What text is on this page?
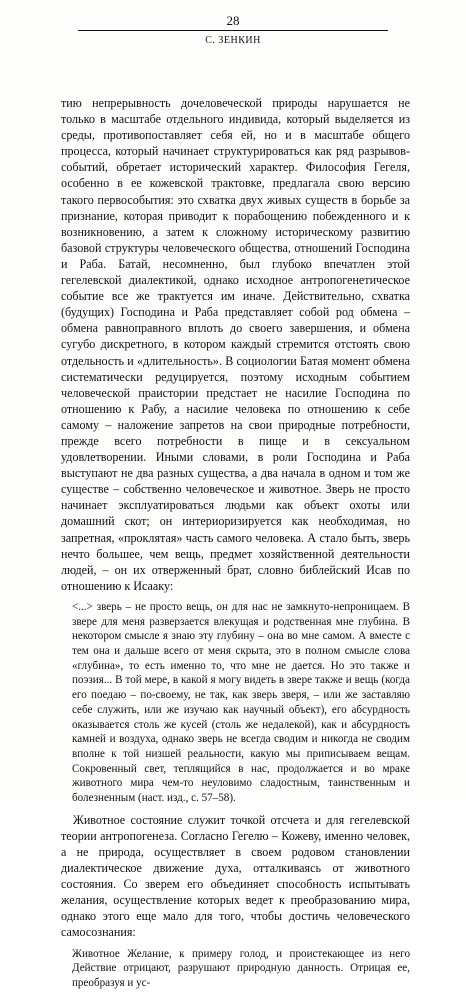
28
С. ЗЕНКИН

тию непрерывность дочеловеческой природы нарушается не только в масштабе отдельного индивида, который выделяется из среды, противопоставляет себя ей, но и в масштабе общего процесса, который начинает структурироваться как ряд разрывов-событий, обретает исторический характер. Философия Гегеля, особенно в ее кожевской трактовке, предлагала свою версию такого первособытия: это схватка двух живых существ в борьбе за признание, которая приводит к порабощению побежденного и к возникновению, а затем к сложному историческому развитию базовой структуры человеческого общества, отношений Господина и Раба. Батай, несомненно, был глубоко впечатлен этой гегелевской диалектикой, однако исходное антропогенетическое событие все же трактуется им иначе. Действительно, схватка (будущих) Господина и Раба представляет собой род обмена – обмена равноправного вплоть до своего завершения, и обмена сугубо дискретного, в котором каждый стремится отстоять свою отдельность и «длительность». В социологии Батая момент обмена систематически редуцируется, поэтому исходным событием человеческой праистории предстает не насилие Господина по отношению к Рабу, а насилие человека по отношению к себе самому – наложение запретов на свои природные потребности, прежде всего потребности в пище и в сексуальном удовлетворении. Иными словами, в роли Господина и Раба выступают не два разных существа, а два начала в одном и том же существе – собственно человеческое и животное. Зверь не просто начинает эксплуатироваться людьми как объект охоты или домашний скот; он интериоризируется как необходимая, но запретная, «проклятая» часть самого человека. А стало быть, зверь нечто большее, чем вещь, предмет хозяйственной деятельности людей, – он их отверженный брат, словно библейский Исав по отношению к Исааку:

<...> зверь – не просто вещь, он для нас не замкнуто-непроницаем. В звере для меня разверзается влекущая и родственная мне глубина. В некотором смысле я знаю эту глубину – она во мне самом. А вместе с тем она и дальше всего от меня скрыта, это в полном смысле слова «глубина», то есть именно то, что мне не дается. Но это также и поэзия... В той мере, в какой я могу видеть в звере также и вещь (когда его поедаю – по-своему, не так, как зверь зверя, – или же заставляю себе служить, или же изучаю как научный объект), его абсурдность оказывается столь же кусей (столь же недалекой), как и абсурдность камней и воздуха, однако зверь не всегда сводим и никогда не сводим вполне к той низшей реальности, какую мы приписываем вещам. Сокровенный свет, теплящийся в нас, продолжается и во мраке животного мира чем-то неуловимо сладостным, таинственным и болезненным (наст. изд., с. 57–58).

Животное состояние служит точкой отсчета и для гегелевской теории антропогенеза. Согласно Гегелю – Кожеву, именно человек, а не природа, осуществляет в своем родовом становлении диалектическое движение духа, отталкиваясь от животного состояния. Со зверем его объединяет способность испытывать желания, осуществление которых ведет к преобразованию мира, однако этого еще мало для того, чтобы достичь человеческого самосознания:

Животное Желание, к примеру голод, и проистекающее из него Действие отрицают, разрушают природную данность. Отрицая ее, преобразуя и ус-
